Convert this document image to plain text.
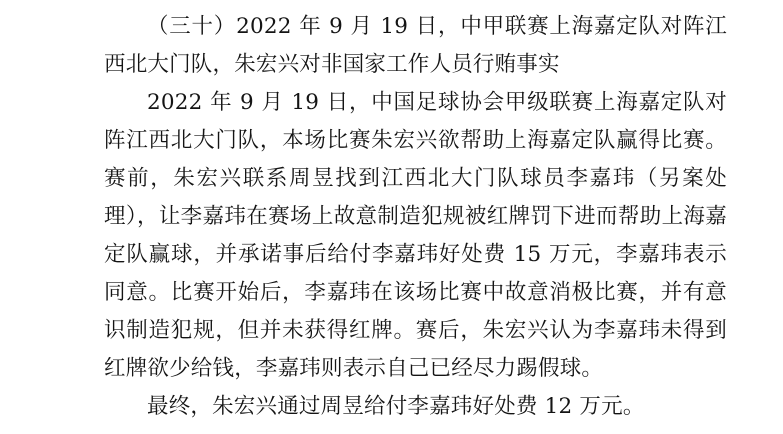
（三十）2022 年 9 月 19 日，中甲联赛上海嘉定队对阵江西北大门队，朱宏兴对非国家工作人员行贿事实

2022 年 9 月 19 日，中国足球协会甲级联赛上海嘉定队对阵江西北大门队，本场比赛朱宏兴欲帮助上海嘉定队赢得比赛。赛前，朱宏兴联系周昱找到江西北大门队球员李嘉玮（另案处理），让李嘉玮在赛场上故意制造犯规被红牌罚下进而帮助上海嘉定队赢球，并承诺事后给付李嘉玮好处费 15 万元，李嘉玮表示同意。比赛开始后，李嘉玮在该场比赛中故意消极比赛，并有意识制造犯规，但并未获得红牌。赛后，朱宏兴认为李嘉玮未得到红牌欲少给钱，李嘉玮则表示自己已经尽力踢假球。

最终，朱宏兴通过周昱给付李嘉玮好处费 12 万元。
